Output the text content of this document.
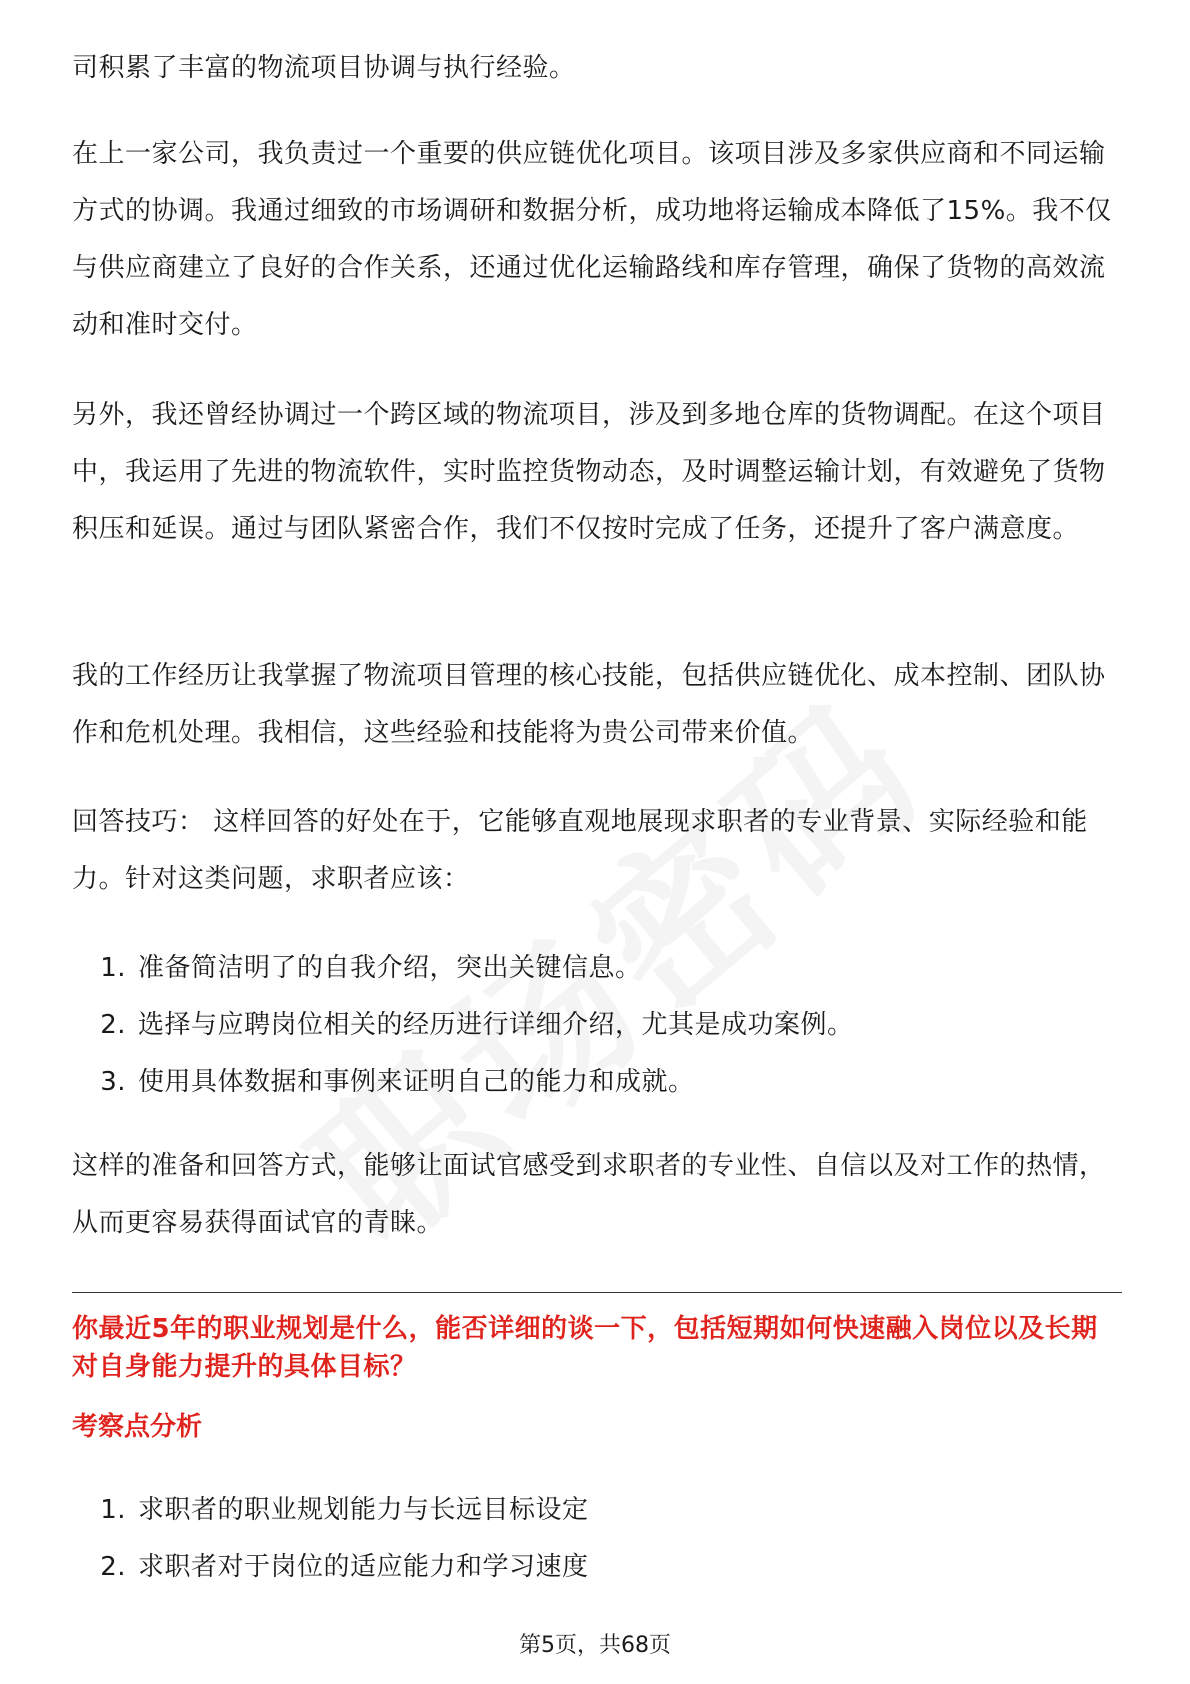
司积累了丰富的物流项目协调与执行经验。

在上一家公司，我负责过一个重要的供应链优化项目。该项目涉及多家供应商和不同运输方式的协调。我通过细致的市场调研和数据分析，成功地将运输成本降低了15%。我不仅与供应商建立了良好的合作关系，还通过优化运输路线和库存管理，确保了货物的高效流动和准时交付。

另外，我还曾经协调过一个跨区域的物流项目，涉及到多地仓库的货物调配。在这个项目中，我运用了先进的物流软件，实时监控货物动态，及时调整运输计划，有效避免了货物积压和延误。通过与团队紧密合作，我们不仅按时完成了任务，还提升了客户满意度。

我的工作经历让我掌握了物流项目管理的核心技能，包括供应链优化、成本控制、团队协作和危机处理。我相信，这些经验和技能将为贵公司带来价值。

回答技巧： 这样回答的好处在于，它能够直观地展现求职者的专业背景、实际经验和能力。针对这类问题，求职者应该：

1. 准备简洁明了的自我介绍，突出关键信息。
2. 选择与应聘岗位相关的经历进行详细介绍，尤其是成功案例。
3. 使用具体数据和事例来证明自己的能力和成就。

这样的准备和回答方式，能够让面试官感受到求职者的专业性、自信以及对工作的热情，从而更容易获得面试官的青睐。

你最近5年的职业规划是什么，能否详细的谈一下，包括短期如何快速融入岗位以及长期对自身能力提升的具体目标？

考察点分析

1. 求职者的职业规划能力与长远目标设定
2. 求职者对于岗位的适应能力和学习速度
第5页，共68页
